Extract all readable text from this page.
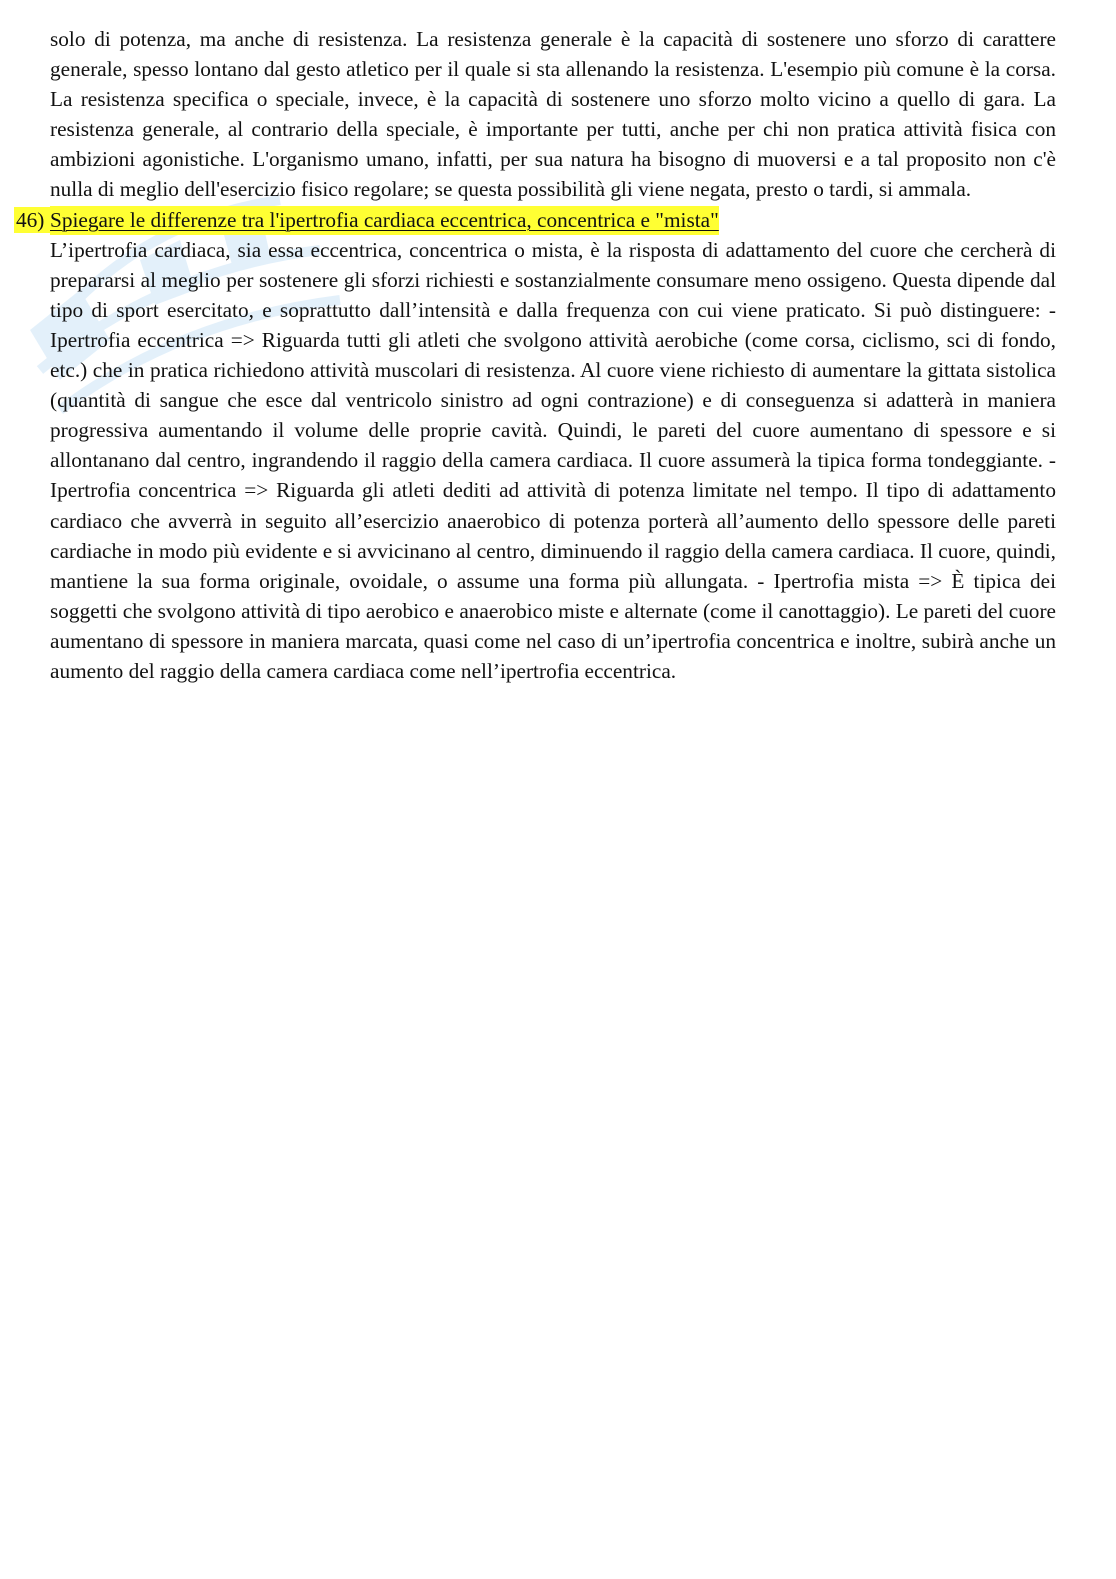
solo di potenza, ma anche di resistenza. La resistenza generale è la capacità di sostenere uno sforzo di carattere generale, spesso lontano dal gesto atletico per il quale si sta allenando la resistenza. L'esempio più comune è la corsa. La resistenza specifica o speciale, invece, è la capacità di sostenere uno sforzo molto vicino a quello di gara. La resistenza generale, al contrario della speciale, è importante per tutti, anche per chi non pratica attività fisica con ambizioni agonistiche. L'organismo umano, infatti, per sua natura ha bisogno di muoversi e a tal proposito non c'è nulla di meglio dell'esercizio fisico regolare; se questa possibilità gli viene negata, presto o tardi, si ammala.

46) Spiegare le differenze tra l'ipertrofia cardiaca eccentrica, concentrica e "mista"

L’ipertrofia cardiaca, sia essa eccentrica, concentrica o mista, è la risposta di adattamento del cuore che cercherà di prepararsi al meglio per sostenere gli sforzi richiesti e sostanzialmente consumare meno ossigeno. Questa dipende dal tipo di sport esercitato, e soprattutto dall’intensità e dalla frequenza con cui viene praticato. Si può distinguere: - Ipertrofia eccentrica => Riguarda tutti gli atleti che svolgono attività aerobiche (come corsa, ciclismo, sci di fondo, etc.) che in pratica richiedono attività muscolari di resistenza. Al cuore viene richiesto di aumentare la gittata sistolica (quantità di sangue che esce dal ventricolo sinistro ad ogni contrazione) e di conseguenza si adatterà in maniera progressiva aumentando il volume delle proprie cavità. Quindi, le pareti del cuore aumentano di spessore e si allontanano dal centro, ingrandendo il raggio della camera cardiaca. Il cuore assumerà la tipica forma tondeggiante. - Ipertrofia concentrica => Riguarda gli atleti dediti ad attività di potenza limitate nel tempo. Il tipo di adattamento cardiaco che avverrà in seguito all’esercizio anaerobico di potenza porterà all’aumento dello spessore delle pareti cardiache in modo più evidente e si avvicinano al centro, diminuendo il raggio della camera cardiaca. Il cuore, quindi, mantiene la sua forma originale, ovoidale, o assume una forma più allungata. - Ipertrofia mista => È tipica dei soggetti che svolgono attività di tipo aerobico e anaerobico miste e alternate (come il canottaggio). Le pareti del cuore aumentano di spessore in maniera marcata, quasi come nel caso di un’ipertrofia concentrica e inoltre, subirà anche un aumento del raggio della camera cardiaca come nell’ipertrofia eccentrica.
